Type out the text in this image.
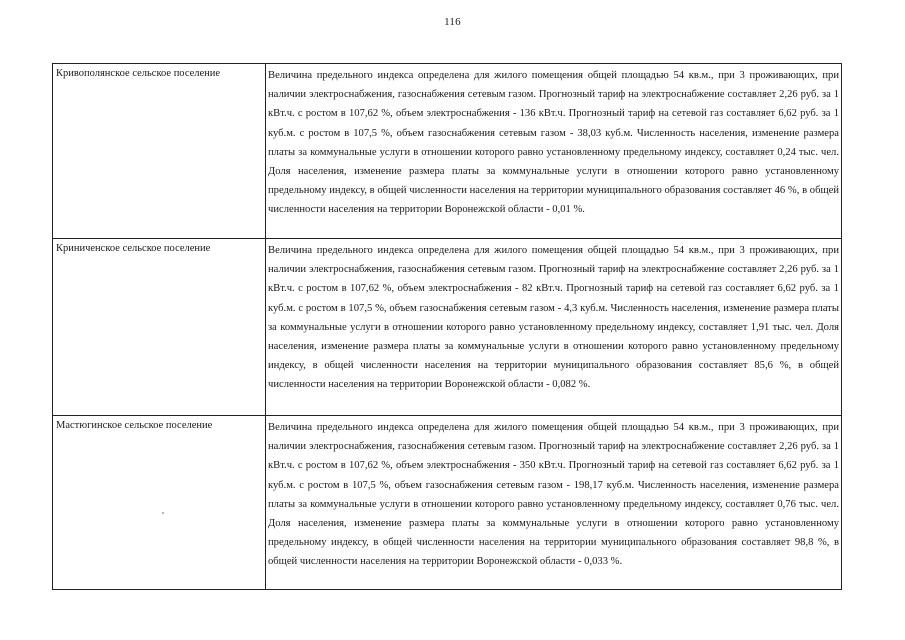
116
Кривополянское сельское поселение	Величина предельного индекса определена для жилого помещения общей площадью 54 кв.м., при 3 проживающих, при наличии электроснабжения, газоснабжения сетевым газом. Прогнозный тариф на электроснабжение составляет 2,26 руб. за 1 кВт.ч. с ростом в 107,62 %, объем электроснабжения - 136 кВт.ч. Прогнозный тариф на сетевой газ составляет 6,62 руб. за 1 куб.м. с ростом в 107,5 %, объем газоснабжения сетевым газом - 38,03 куб.м. Численность населения, изменение размера платы за коммунальные услуги в отношении которого равно установленному предельному индексу, составляет 0,24 тыс. чел. Доля населения, изменение размера платы за коммунальные услуги в отношении которого равно установленному предельному индексу, в общей численности населения на территории муниципального образования составляет 46 %, в общей численности населения на территории Воронежской области - 0,01 %.
Криниченское сельское поселение	Величина предельного индекса определена для жилого помещения общей площадью 54 кв.м., при 3 проживающих, при наличии электроснабжения, газоснабжения сетевым газом. Прогнозный тариф на электроснабжение составляет 2,26 руб. за 1 кВт.ч. с ростом в 107,62 %, объем электроснабжения - 82 кВт.ч. Прогнозный тариф на сетевой газ составляет 6,62 руб. за 1 куб.м. с ростом в 107,5 %, объем газоснабжения сетевым газом - 4,3 куб.м. Численность населения, изменение размера платы за коммунальные услуги в отношении которого равно установленному предельному индексу, составляет 1,91 тыс. чел. Доля населения, изменение размера платы за коммунальные услуги в отношении которого равно установленному предельному индексу, в общей численности населения на территории муниципального образования составляет 85,6 %, в общей численности населения на территории Воронежской области - 0,082 %.
Мастюгинское сельское поселение	Величина предельного индекса определена для жилого помещения общей площадью 54 кв.м., при 3 проживающих, при наличии электроснабжения, газоснабжения сетевым газом. Прогнозный тариф на электроснабжение составляет 2,26 руб. за 1 кВт.ч. с ростом в 107,62 %, объем электроснабжения - 350 кВт.ч. Прогнозный тариф на сетевой газ составляет 6,62 руб. за 1 куб.м. с ростом в 107,5 %, объем газоснабжения сетевым газом - 198,17 куб.м. Численность населения, изменение размера платы за коммунальные услуги в отношении которого равно установленному предельному индексу, составляет 0,76 тыс. чел. Доля населения, изменение размера платы за коммунальные услуги в отношении которого равно установленному предельному индексу, в общей численности населения на территории муниципального образования составляет 98,8 %, в общей численности населения на территории Воронежской области - 0,033 %.
